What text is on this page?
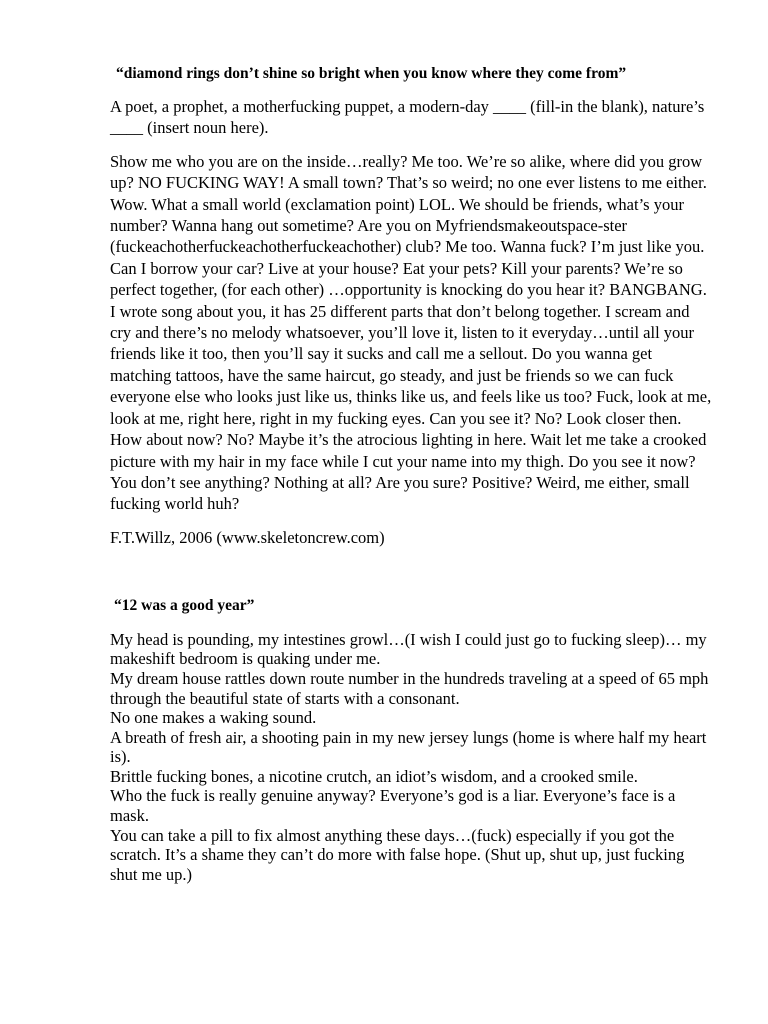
“diamond rings don’t shine so bright when you know where they come from”

A poet, a prophet, a motherfucking puppet, a modern-day ____ (fill-in the blank), nature’s ____ (insert noun here).

Show me who you are on the inside…really? Me too. We’re so alike, where did you grow up? NO FUCKING WAY! A small town? That’s so weird; no one ever listens to me either. Wow. What a small world (exclamation point) LOL. We should be friends, what’s your number? Wanna hang out sometime? Are you on Myfriendsmakeoutspace-ster (fuckeachotherfuckeachotherfuckeachother) club? Me too. Wanna fuck? I’m just like you. Can I borrow your car? Live at your house? Eat your pets? Kill your parents? We’re so perfect together, (for each other) …opportunity is knocking do you hear it? BANGBANG. I wrote song about you, it has 25 different parts that don’t belong together. I scream and cry and there’s no melody whatsoever, you’ll love it, listen to it everyday…until all your friends like it too, then you’ll say it sucks and call me a sellout. Do you wanna get matching tattoos, have the same haircut, go steady, and just be friends so we can fuck everyone else who looks just like us, thinks like us, and feels like us too? Fuck, look at me, look at me, right here, right in my fucking eyes. Can you see it? No? Look closer then. How about now? No? Maybe it’s the atrocious lighting in here. Wait let me take a crooked picture with my hair in my face while I cut your name into my thigh. Do you see it now? You don’t see anything? Nothing at all? Are you sure? Positive? Weird, me either, small fucking world huh?

F.T.Willz, 2006 (www.skeletoncrew.com)

“12 was a good year”

My head is pounding, my intestines growl…(I wish I could just go to fucking sleep)… my makeshift bedroom is quaking under me.

My dream house rattles down route number in the hundreds traveling at a speed of 65 mph through the beautiful state of starts with a consonant.

No one makes a waking sound.

A breath of fresh air, a shooting pain in my new jersey lungs (home is where half my heart is).

Brittle fucking bones, a nicotine crutch, an idiot’s wisdom, and a crooked smile.

Who the fuck is really genuine anyway? Everyone’s god is a liar. Everyone’s face is a mask.

You can take a pill to fix almost anything these days…(fuck) especially if you got the scratch. It’s a shame they can’t do more with false hope. (Shut up, shut up, just fucking shut me up.)
